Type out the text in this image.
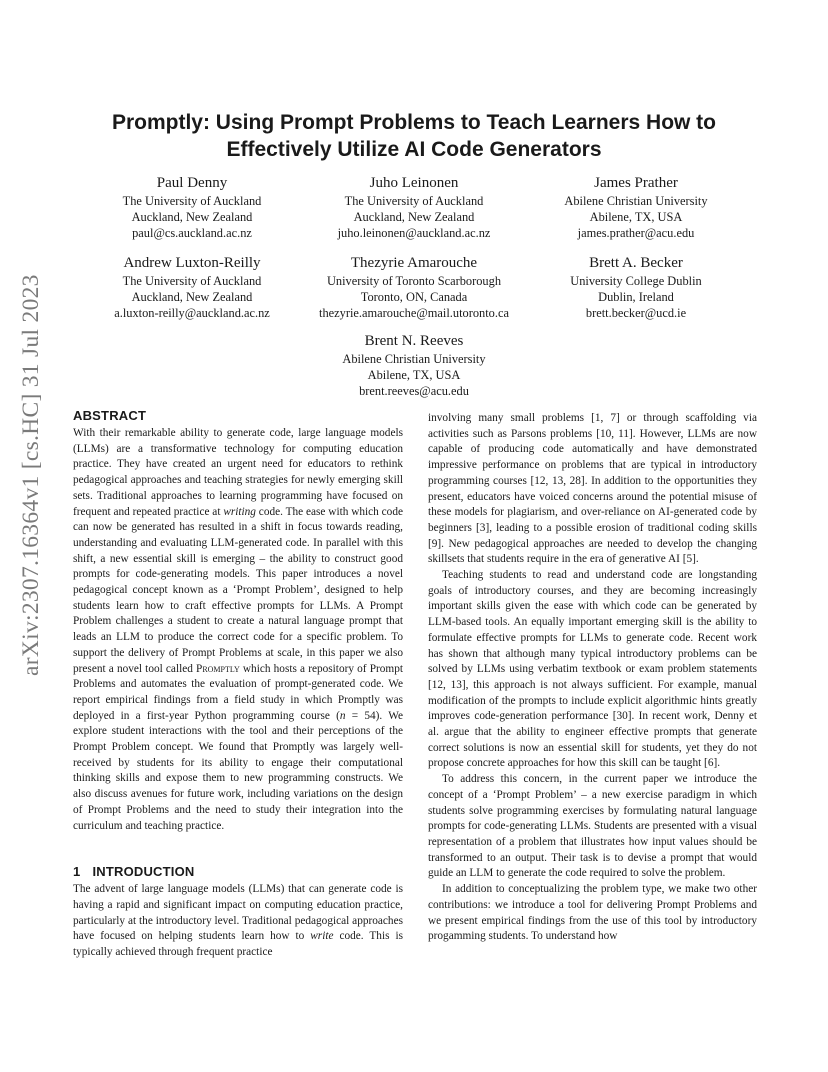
arXiv:2307.16364v1 [cs.HC] 31 Jul 2023
Promptly: Using Prompt Problems to Teach Learners How to Effectively Utilize AI Code Generators
Paul Denny
The University of Auckland
Auckland, New Zealand
paul@cs.auckland.ac.nz
Juho Leinonen
The University of Auckland
Auckland, New Zealand
juho.leinonen@auckland.ac.nz
James Prather
Abilene Christian University
Abilene, TX, USA
james.prather@acu.edu
Andrew Luxton-Reilly
The University of Auckland
Auckland, New Zealand
a.luxton-reilly@auckland.ac.nz
Thezyrie Amarouche
University of Toronto Scarborough
Toronto, ON, Canada
thezyrie.amarouche@mail.utoronto.ca
Brett A. Becker
University College Dublin
Dublin, Ireland
brett.becker@ucd.ie
Brent N. Reeves
Abilene Christian University
Abilene, TX, USA
brent.reeves@acu.edu
ABSTRACT

With their remarkable ability to generate code, large language models (LLMs) are a transformative technology for computing education practice. They have created an urgent need for educators to rethink pedagogical approaches and teaching strategies for newly emerging skill sets. Traditional approaches to learning programming have focused on frequent and repeated practice at writing code. The ease with which code can now be generated has resulted in a shift in focus towards reading, understanding and evaluating LLM-generated code. In parallel with this shift, a new essential skill is emerging – the ability to construct good prompts for code-generating models. This paper introduces a novel pedagogical concept known as a ‘Prompt Problem’, designed to help students learn how to craft effective prompts for LLMs. A Prompt Problem challenges a student to create a natural language prompt that leads an LLM to produce the correct code for a specific problem. To support the delivery of Prompt Problems at scale, in this paper we also present a novel tool called Promptly which hosts a repository of Prompt Problems and automates the evaluation of prompt-generated code. We report empirical findings from a field study in which Promptly was deployed in a first-year Python programming course (n = 54). We explore student interactions with the tool and their perceptions of the Prompt Problem concept. We found that Promptly was largely well-received by students for its ability to engage their computational thinking skills and expose them to new programming constructs. We also discuss avenues for future work, including variations on the design of Prompt Problems and the need to study their integration into the curriculum and teaching practice.

1 INTRODUCTION

The advent of large language models (LLMs) that can generate code is having a rapid and significant impact on computing education practice, particularly at the introductory level. Traditional pedagogical approaches have focused on helping students learn how to write code. This is typically achieved through frequent practice

involving many small problems [1, 7] or through scaffolding via activities such as Parsons problems [10, 11]. However, LLMs are now capable of producing code automatically and have demonstrated impressive performance on problems that are typical in introductory programming courses [12, 13, 28]. In addition to the opportunities they present, educators have voiced concerns around the potential misuse of these models for plagiarism, and over-reliance on AI-generated code by beginners [3], leading to a possible erosion of traditional coding skills [9]. New pedagogical approaches are needed to develop the changing skillsets that students require in the era of generative AI [5].

Teaching students to read and understand code are longstanding goals of introductory courses, and they are becoming increasingly important skills given the ease with which code can be generated by LLM-based tools. An equally important emerging skill is the ability to formulate effective prompts for LLMs to generate code. Recent work has shown that although many typical introductory problems can be solved by LLMs using verbatim textbook or exam problem statements [12, 13], this approach is not always sufficient. For example, manual modification of the prompts to include explicit algorithmic hints greatly improves code-generation performance [30]. In recent work, Denny et al. argue that the ability to engineer effective prompts that generate correct solutions is now an essential skill for students, yet they do not propose concrete approaches for how this skill can be taught [6].

To address this concern, in the current paper we introduce the concept of a ‘Prompt Problem’ – a new exercise paradigm in which students solve programming exercises by formulating natural language prompts for code-generating LLMs. Students are presented with a visual representation of a problem that illustrates how input values should be transformed to an output. Their task is to devise a prompt that would guide an LLM to generate the code required to solve the problem.

In addition to conceptualizing the problem type, we make two other contributions: we introduce a tool for delivering Prompt Problems and we present empirical findings from the use of this tool by introductory progamming students. To understand how
